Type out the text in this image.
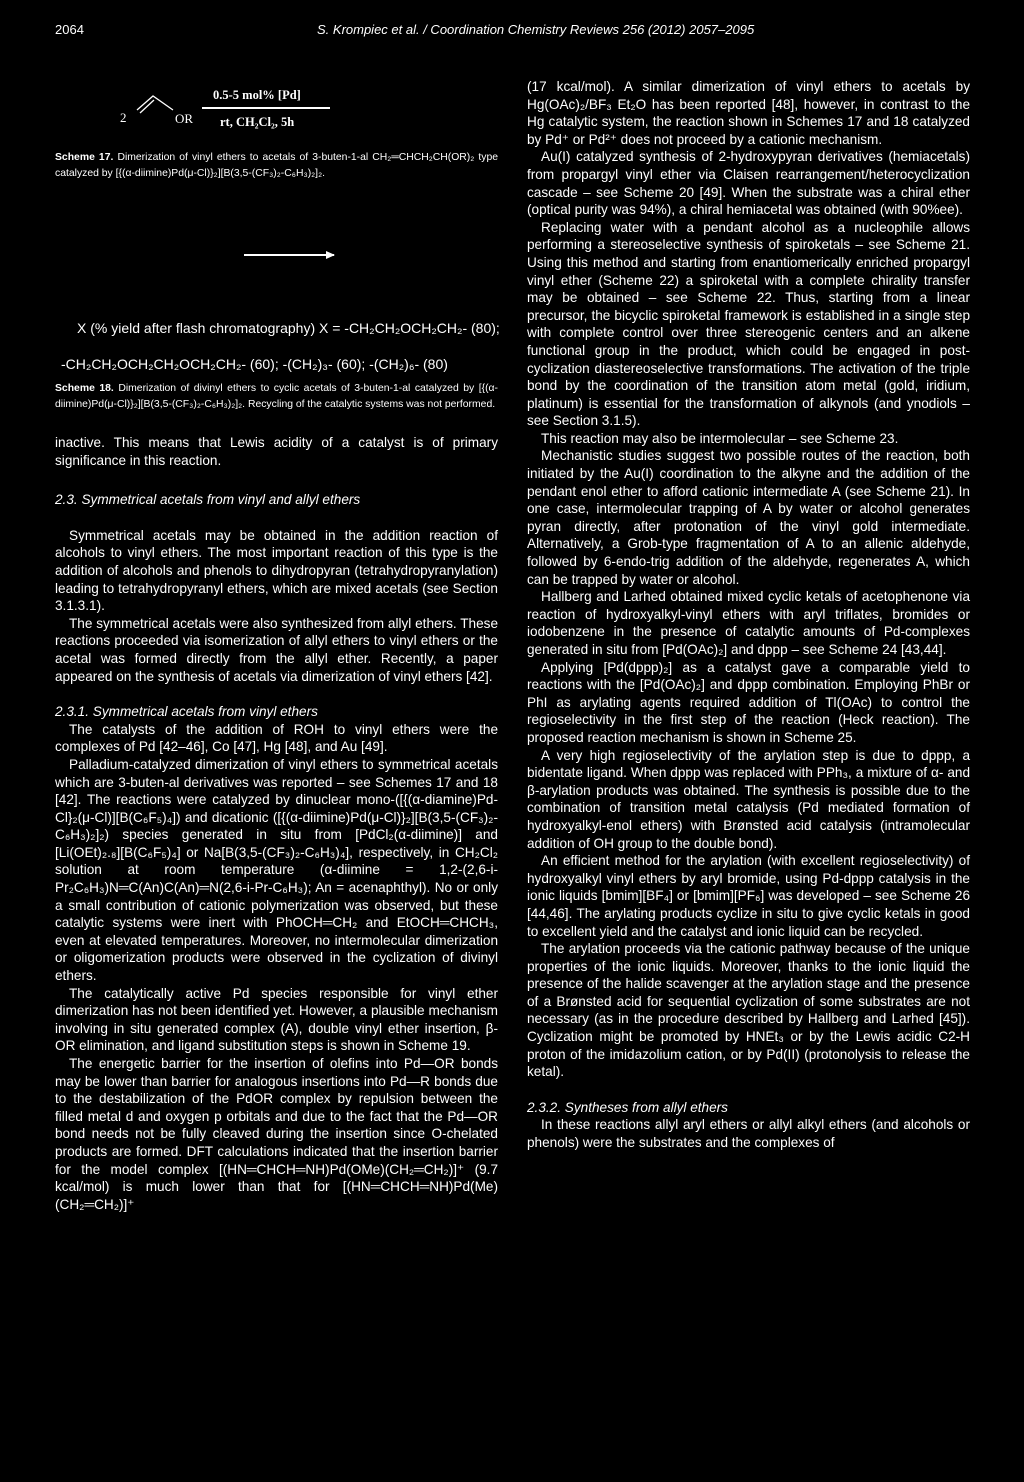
2064	S. Krompiec et al. / Coordination Chemistry Reviews 256 (2012) 2057–2095
2	OR
0.5-5 mol% [Pd]
rt, CH₂Cl₂, 5h

Scheme 17. Dimerization of vinyl ethers to acetals of 3-buten-1-al CH₂═CHCH₂CH(OR)₂ type catalyzed by [{(α-diimine)Pd(μ-Cl)}₂][B(3,5-(CF₃)₂-C₆H₃)₂]₂.

X (% yield after flash chromatography) X = -CH₂CH₂OCH₂CH₂- (80);
-CH₂CH₂OCH₂CH₂OCH₂CH₂- (60); -(CH₂)₃- (60); -(CH₂)₆- (80)

Scheme 18. Dimerization of divinyl ethers to cyclic acetals of 3-buten-1-al catalyzed by [{(α-diimine)Pd(μ-Cl)}₂][B(3,5-(CF₃)₂-C₆H₃)₂]₂. Recycling of the catalytic systems was not performed.

inactive. This means that Lewis acidity of a catalyst is of primary significance in this reaction.

2.3. Symmetrical acetals from vinyl and allyl ethers

Symmetrical acetals may be obtained in the addition reaction of alcohols to vinyl ethers. The most important reaction of this type is the addition of alcohols and phenols to dihydropyran (tetrahydropyranylation) leading to tetrahydropyranyl ethers, which are mixed acetals (see Section 3.1.3.1).

The symmetrical acetals were also synthesized from allyl ethers. These reactions proceeded via isomerization of allyl ethers to vinyl ethers or the acetal was formed directly from the allyl ether. Recently, a paper appeared on the synthesis of acetals via dimerization of vinyl ethers [42].

2.3.1. Symmetrical acetals from vinyl ethers

The catalysts of the addition of ROH to vinyl ethers were the complexes of Pd [42–46], Co [47], Hg [48], and Au [49].

Palladium-catalyzed dimerization of vinyl ethers to symmetrical acetals which are 3-buten-al derivatives was reported – see Schemes 17 and 18 [42]. The reactions were catalyzed by dinuclear mono-([{(α-diamine)Pd-Cl}₂(μ-Cl)][B(C₆F₅)₄]) and dicationic ([{(α-diimine)Pd(μ-Cl)}₂][B(3,5-(CF₃)₂-C₆H₃)₂]₂) species generated in situ from [PdCl₂(α-diimine)] and [Li(OEt)₂.₈][B(C₆F₅)₄] or Na[B(3,5-(CF₃)₂-C₆H₃)₄], respectively, in CH₂Cl₂ solution at room temperature (α-diimine = 1,2-(2,6-i-Pr₂C₆H₃)N═C(An)C(An)═N(2,6-i-Pr-C₆H₃); An = acenaphthyl). No or only a small contribution of cationic polymerization was observed, but these catalytic systems were inert with PhOCH═CH₂ and EtOCH═CHCH₃, even at elevated temperatures. Moreover, no intermolecular dimerization or oligomerization products were observed in the cyclization of divinyl ethers.

The catalytically active Pd species responsible for vinyl ether dimerization has not been identified yet. However, a plausible mechanism involving in situ generated complex (A), double vinyl ether insertion, β-OR elimination, and ligand substitution steps is shown in Scheme 19.

The energetic barrier for the insertion of olefins into Pd—OR bonds may be lower than barrier for analogous insertions into Pd—R bonds due to the destabilization of the PdOR complex by repulsion between the filled metal d and oxygen p orbitals and due to the fact that the Pd—OR bond needs not be fully cleaved during the insertion since O-chelated products are formed. DFT calculations indicated that the insertion barrier for the model complex [(HN═CHCH═NH)Pd(OMe)(CH₂═CH₂)]⁺ (9.7 kcal/mol) is much lower than that for [(HN═CHCH═NH)Pd(Me)(CH₂═CH₂)]⁺

(17 kcal/mol). A similar dimerization of vinyl ethers to acetals by Hg(OAc)₂/BF₃ Et₂O has been reported [48], however, in contrast to the Hg catalytic system, the reaction shown in Schemes 17 and 18 catalyzed by Pd⁺ or Pd²⁺ does not proceed by a cationic mechanism.

Au(I) catalyzed synthesis of 2-hydroxypyran derivatives (hemiacetals) from propargyl vinyl ether via Claisen rearrangement/heterocyclization cascade – see Scheme 20 [49]. When the substrate was a chiral ether (optical purity was 94%), a chiral hemiacetal was obtained (with 90%ee).

Replacing water with a pendant alcohol as a nucleophile allows performing a stereoselective synthesis of spiroketals – see Scheme 21. Using this method and starting from enantiomerically enriched propargyl vinyl ether (Scheme 22) a spiroketal with a complete chirality transfer may be obtained – see Scheme 22. Thus, starting from a linear precursor, the bicyclic spiroketal framework is established in a single step with complete control over three stereogenic centers and an alkene functional group in the product, which could be engaged in post-cyclization diastereoselective transformations. The activation of the triple bond by the coordination of the transition atom metal (gold, iridium, platinum) is essential for the transformation of alkynols (and ynodiols – see Section 3.1.5).

This reaction may also be intermolecular – see Scheme 23.

Mechanistic studies suggest two possible routes of the reaction, both initiated by the Au(I) coordination to the alkyne and the addition of the pendant enol ether to afford cationic intermediate A (see Scheme 21). In one case, intermolecular trapping of A by water or alcohol generates pyran directly, after protonation of the vinyl gold intermediate. Alternatively, a Grob-type fragmentation of A to an allenic aldehyde, followed by 6-endo-trig addition of the aldehyde, regenerates A, which can be trapped by water or alcohol.

Hallberg and Larhed obtained mixed cyclic ketals of acetophenone via reaction of hydroxyalkyl-vinyl ethers with aryl triflates, bromides or iodobenzene in the presence of catalytic amounts of Pd-complexes generated in situ from [Pd(OAc)₂] and dppp – see Scheme 24 [43,44].

Applying [Pd(dppp)₂] as a catalyst gave a comparable yield to reactions with the [Pd(OAc)₂] and dppp combination. Employing PhBr or PhI as arylating agents required addition of Tl(OAc) to control the regioselectivity in the first step of the reaction (Heck reaction). The proposed reaction mechanism is shown in Scheme 25.

A very high regioselectivity of the arylation step is due to dppp, a bidentate ligand. When dppp was replaced with PPh₃, a mixture of α- and β-arylation products was obtained. The synthesis is possible due to the combination of transition metal catalysis (Pd mediated formation of hydroxyalkyl-enol ethers) with Brønsted acid catalysis (intramolecular addition of OH group to the double bond).

An efficient method for the arylation (with excellent regioselectivity) of hydroxyalkyl vinyl ethers by aryl bromide, using Pd-dppp catalysis in the ionic liquids [bmim][BF₄] or [bmim][PF₆] was developed – see Scheme 26 [44,46]. The arylating products cyclize in situ to give cyclic ketals in good to excellent yield and the catalyst and ionic liquid can be recycled.

The arylation proceeds via the cationic pathway because of the unique properties of the ionic liquids. Moreover, thanks to the ionic liquid the presence of the halide scavenger at the arylation stage and the presence of a Brønsted acid for sequential cyclization of some substrates are not necessary (as in the procedure described by Hallberg and Larhed [45]). Cyclization might be promoted by HNEt₃ or by the Lewis acidic C2-H proton of the imidazolium cation, or by Pd(II) (protonolysis to release the ketal).

2.3.2. Syntheses from allyl ethers

In these reactions allyl aryl ethers or allyl alkyl ethers (and alcohols or phenols) were the substrates and the complexes of
